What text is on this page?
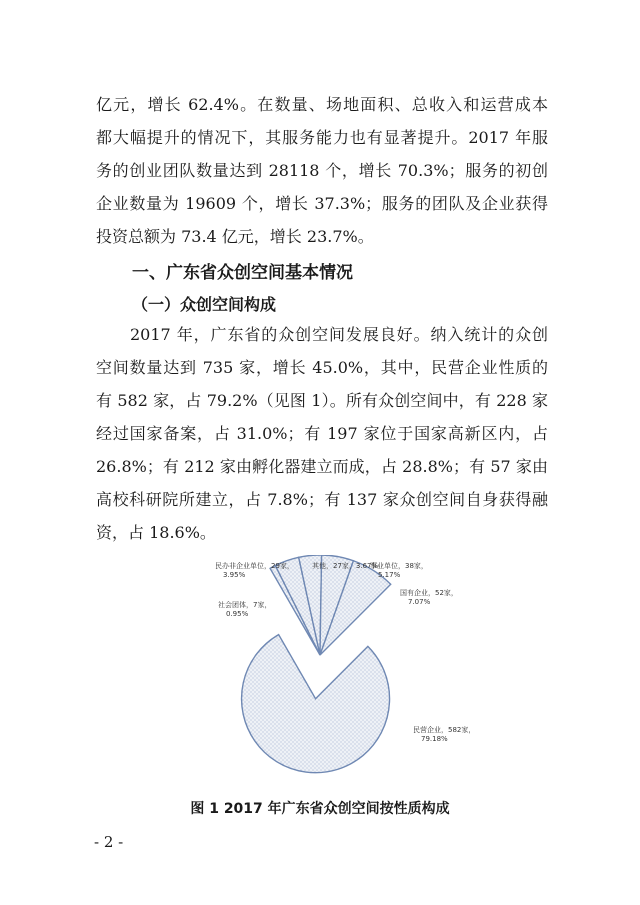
亿元，增长 62.4%。在数量、场地面积、总收入和运营成本
都大幅提升的情况下，其服务能力也有显著提升。2017 年服
务的创业团队数量达到 28118 个，增长 70.3%；服务的初创
企业数量为 19609 个，增长 37.3%；服务的团队及企业获得
投资总额为 73.4 亿元，增长 23.7%。
一、广东省众创空间基本情况
（一）众创空间构成
2017 年，广东省的众创空间发展良好。纳入统计的众创
空间数量达到 735 家，增长 45.0%，其中，民营企业性质的
有 582 家，占 79.2%（见图 1）。所有众创空间中，有 228 家
经过国家备案，占 31.0%；有 197 家位于国家高新区内，占
26.8%；有 212 家由孵化器建立而成，占 28.8%；有 57 家由
高校科研院所建立，占 7.8%；有 137 家众创空间自身获得融
资，占 18.6%。
民营企业，582家， 79.18%
社会团体，7家， 0.95%
民办非企业单位，29家， 3.95%
其他，27家，3.67%
事业单位，38家， 5.17%
国有企业，52家， 7.07%
图 1 2017 年广东省众创空间按性质构成
- 2 -
